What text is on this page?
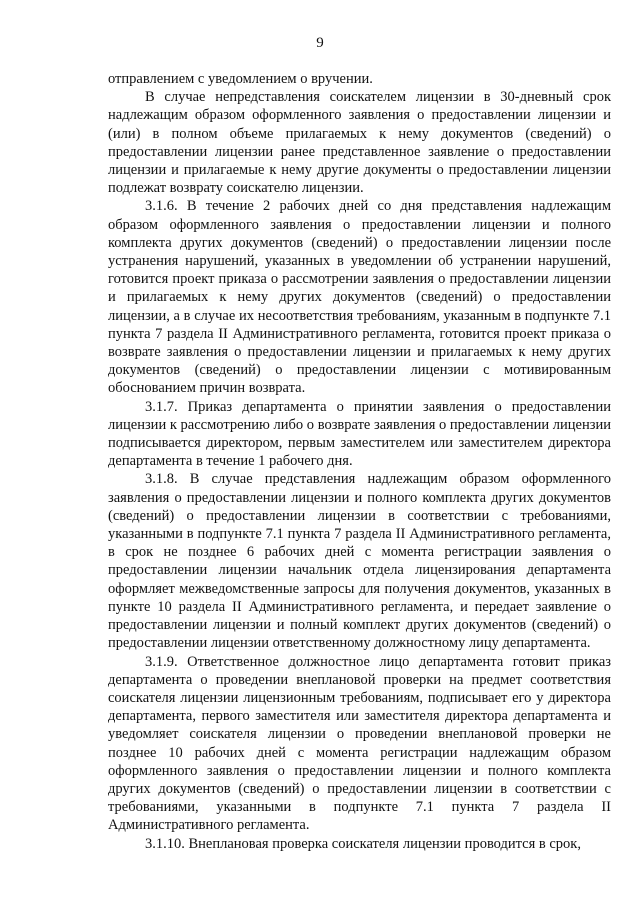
9

отправлением с уведомлением о вручении.

В случае непредставления соискателем лицензии в 30-дневный срок надлежащим образом оформленного заявления о предоставлении лицензии и (или) в полном объеме прилагаемых к нему документов (сведений) о предоставлении лицензии ранее представленное заявление о предоставлении лицензии и прилагаемые к нему другие документы о предоставлении лицензии подлежат возврату соискателю лицензии.

3.1.6. В течение 2 рабочих дней со дня представления надлежащим образом оформленного заявления о предоставлении лицензии и полного комплекта других документов (сведений) о предоставлении лицензии после устранения нарушений, указанных в уведомлении об устранении нарушений, готовится проект приказа о рассмотрении заявления о предоставлении лицензии и прилагаемых к нему других документов (сведений) о предоставлении лицензии, а в случае их несоответствия требованиям, указанным в подпункте 7.1 пункта 7 раздела II Административного регламента, готовится проект приказа о возврате заявления о предоставлении лицензии и прилагаемых к нему других документов (сведений) о предоставлении лицензии с мотивированным обоснованием причин возврата.

3.1.7. Приказ департамента о принятии заявления о предоставлении лицензии к рассмотрению либо о возврате заявления о предоставлении лицензии подписывается директором, первым заместителем или заместителем директора департамента в течение 1 рабочего дня.

3.1.8. В случае представления надлежащим образом оформленного заявления о предоставлении лицензии и полного комплекта других документов (сведений) о предоставлении лицензии в соответствии с требованиями, указанными в подпункте 7.1 пункта 7 раздела II Административного регламента, в срок не позднее 6 рабочих дней с момента регистрации заявления о предоставлении лицензии начальник отдела лицензирования департамента оформляет межведомственные запросы для получения документов, указанных в пункте 10 раздела II Административного регламента, и передает заявление о предоставлении лицензии и полный комплект других документов (сведений) о предоставлении лицензии ответственному должностному лицу департамента.

3.1.9. Ответственное должностное лицо департамента готовит приказ департамента о проведении внеплановой проверки на предмет соответствия соискателя лицензии лицензионным требованиям, подписывает его у директора департамента, первого заместителя или заместителя директора департамента и уведомляет соискателя лицензии о проведении внеплановой проверки не позднее 10 рабочих дней с момента регистрации надлежащим образом оформленного заявления о предоставлении лицензии и полного комплекта других документов (сведений) о предоставлении лицензии в соответствии с требованиями, указанными в подпункте 7.1 пункта 7 раздела II Административного регламента.

3.1.10. Внеплановая проверка соискателя лицензии проводится в срок,
